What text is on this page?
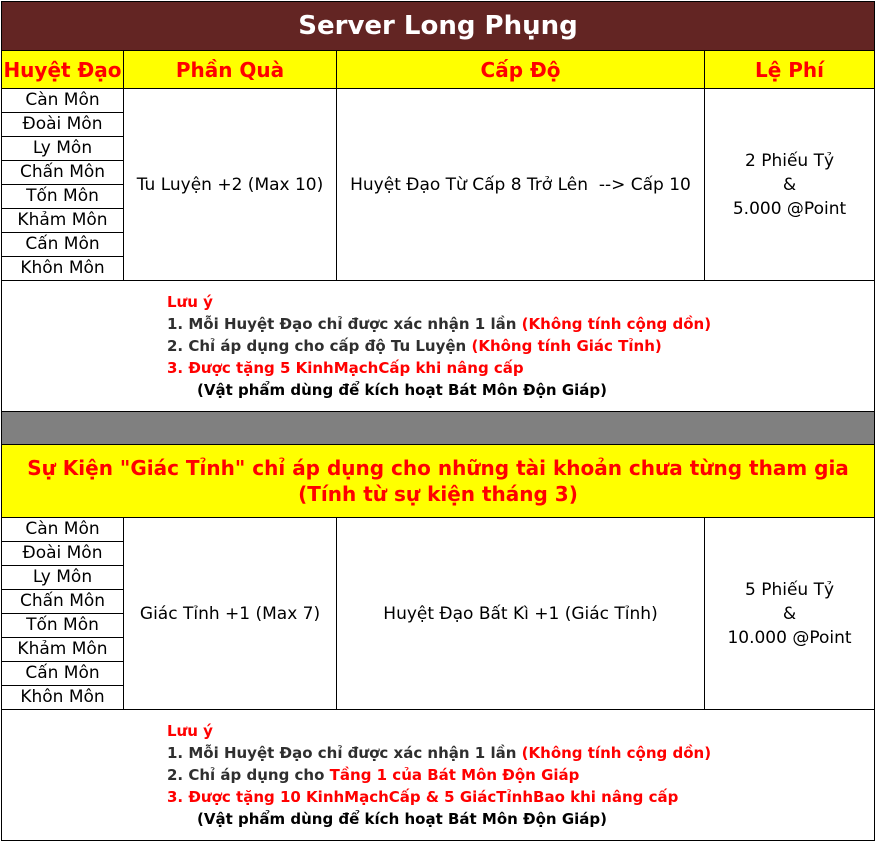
Server Long Phụng			
Huyệt Đạo	Phần Quà	Cấp Độ	Lệ Phí
Càn Môn	Tu Luyện +2 (Max 10)	Huyệt Đạo Từ Cấp 8 Trở Lên  --> Cấp 10	2 Phiếu Tỷ
&
5.000 @Point

Đoài Môn			
Ly Môn			
Chấn Môn			
Tốn Môn			
Khảm Môn			
Cấn Môn			
Khôn Môn			

Lưu ý
1. Mỗi Huyệt Đạo chỉ được xác nhận 1 lần (Không tính cộng dồn)
2. Chỉ áp dụng cho cấp độ Tu Luyện (Không tính Giác Tỉnh)
3. Được tặng 5 KinhMạchCấp khi nâng cấp
(Vật phẩm dùng để kích hoạt Bát Môn Độn Giáp)			

Sự Kiện "Giác Tỉnh" chỉ áp dụng cho những tài khoản chưa từng tham gia
(Tính từ sự kiện tháng 3)			

Càn Môn	Giác Tỉnh +1 (Max 7)	Huyệt Đạo Bất Kì +1 (Giác Tỉnh)	5 Phiếu Tỷ
&
10.000 @Point

Đoài Môn			
Ly Môn			
Chấn Môn			
Tốn Môn			
Khảm Môn			
Cấn Môn			
Khôn Môn			

Lưu ý
1. Mỗi Huyệt Đạo chỉ được xác nhận 1 lần (Không tính cộng dồn)
2. Chỉ áp dụng cho Tầng 1 của Bát Môn Độn Giáp
3. Được tặng 10 KinhMạchCấp & 5 GiácTỉnhBao khi nâng cấp
(Vật phẩm dùng để kích hoạt Bát Môn Độn Giáp)			
